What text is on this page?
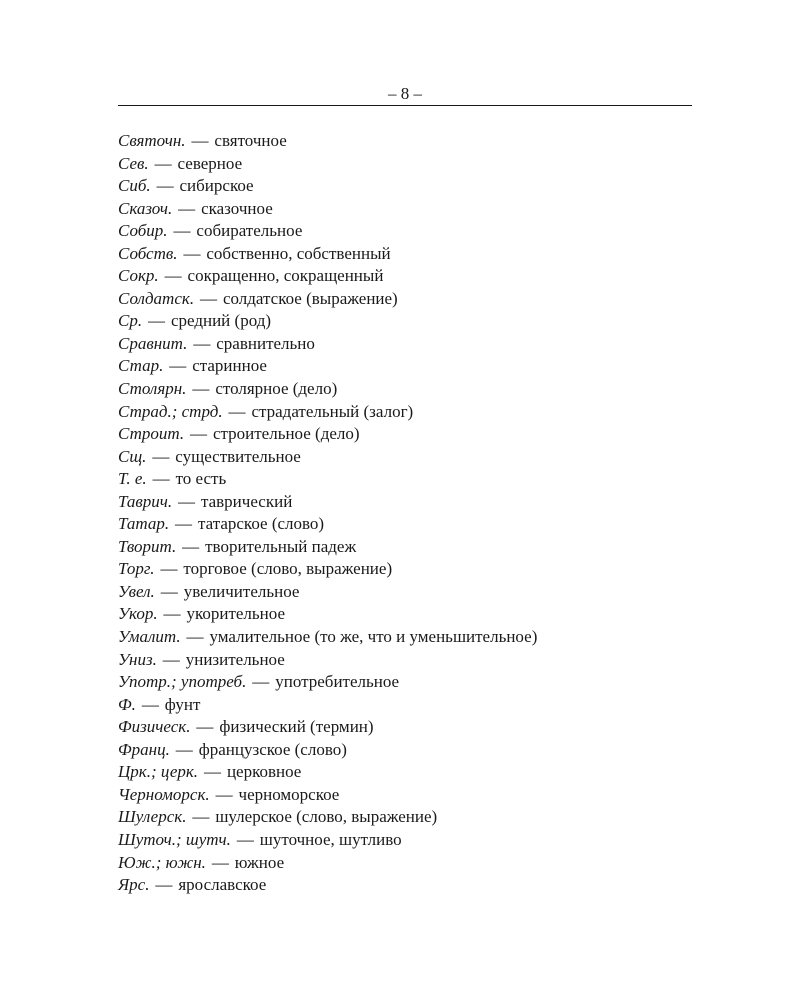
– 8 –
Святочн. — святочное
Сев. — северное
Сиб. — сибирское
Сказоч. — сказочное
Собир. — собирательное
Собств. — собственно, собственный
Сокр. — сокращенно, сокращенный
Солдатск. — солдатское (выражение)
Ср. — средний (род)
Сравнит. — сравнительно
Стар. — старинное
Столярн. — столярное (дело)
Страд.; стрд. — страдательный (залог)
Строит. — строительное (дело)
Сщ. — существительное
Т. е. — то есть
Таврич. — таврический
Татар. — татарское (слово)
Творит. — творительный падеж
Торг. — торговое (слово, выражение)
Увел. — увеличительное
Укор. — укорительное
Умалит. — умалительное (то же, что и уменьшительное)
Униз. — унизительное
Употр.; употреб. — употребительное
Ф. — фунт
Физическ. — физический (термин)
Франц. — французское (слово)
Црк.; церк. — церковное
Черноморск. — черноморское
Шулерск. — шулерское (слово, выражение)
Шуточ.; шутч. — шуточное, шутливо
Юж.; южн. — южное
Ярс. — ярославское
